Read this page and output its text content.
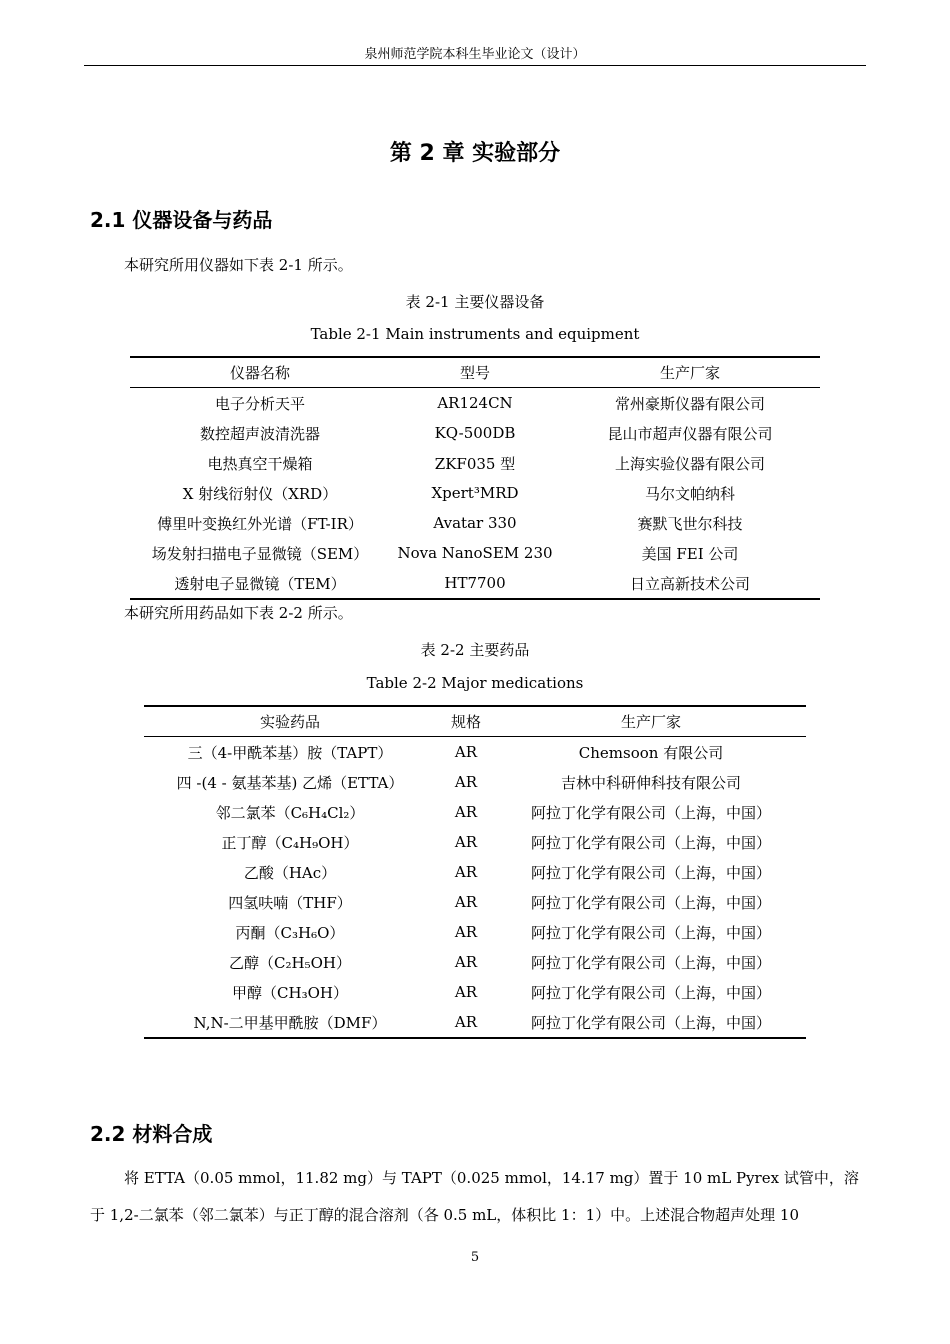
泉州师范学院本科生毕业论文（设计）
第 2 章 实验部分
2.1 仪器设备与药品

本研究所用仪器如下表 2-1 所示。

表 2-1 主要仪器设备
Table 2-1 Main instruments and equipment
仪器名称	型号	生产厂家
电子分析天平	AR124CN	常州豪斯仪器有限公司
数控超声波清洗器	KQ-500DB	昆山市超声仪器有限公司
电热真空干燥箱	ZKF035 型	上海实验仪器有限公司
X 射线衍射仪（XRD）	Xpert³MRD	马尔文帕纳科
傅里叶变换红外光谱（FT-IR）	Avatar 330	赛默飞世尔科技
场发射扫描电子显微镜（SEM）	Nova NanoSEM 230	美国 FEI 公司
透射电子显微镜（TEM）	HT7700	日立高新技术公司

本研究所用药品如下表 2-2 所示。

表 2-2 主要药品
Table 2-2 Major medications
实验药品	规格	生产厂家
三（4-甲酰苯基）胺（TAPT）	AR	Chemsoon 有限公司
四 -(4 - 氨基苯基) 乙烯（ETTA）	AR	吉林中科研伸科技有限公司
邻二氯苯（C₆H₄Cl₂）	AR	阿拉丁化学有限公司（上海，中国）
正丁醇（C₄H₉OH）	AR	阿拉丁化学有限公司（上海，中国）
乙酸（HAc）	AR	阿拉丁化学有限公司（上海，中国）
四氢呋喃（THF）	AR	阿拉丁化学有限公司（上海，中国）
丙酮（C₃H₆O）	AR	阿拉丁化学有限公司（上海，中国）
乙醇（C₂H₅OH）	AR	阿拉丁化学有限公司（上海，中国）
甲醇（CH₃OH）	AR	阿拉丁化学有限公司（上海，中国）
N,N-二甲基甲酰胺（DMF）	AR	阿拉丁化学有限公司（上海，中国）
2.2 材料合成

将 ETTA（0.05 mmol，11.82 mg）与 TAPT（0.025 mmol，14.17 mg）置于 10 mL Pyrex 试管中，溶

于 1,2-二氯苯（邻二氯苯）与正丁醇的混合溶剂（各 0.5 mL，体积比 1：1）中。上述混合物超声处理 10

5
